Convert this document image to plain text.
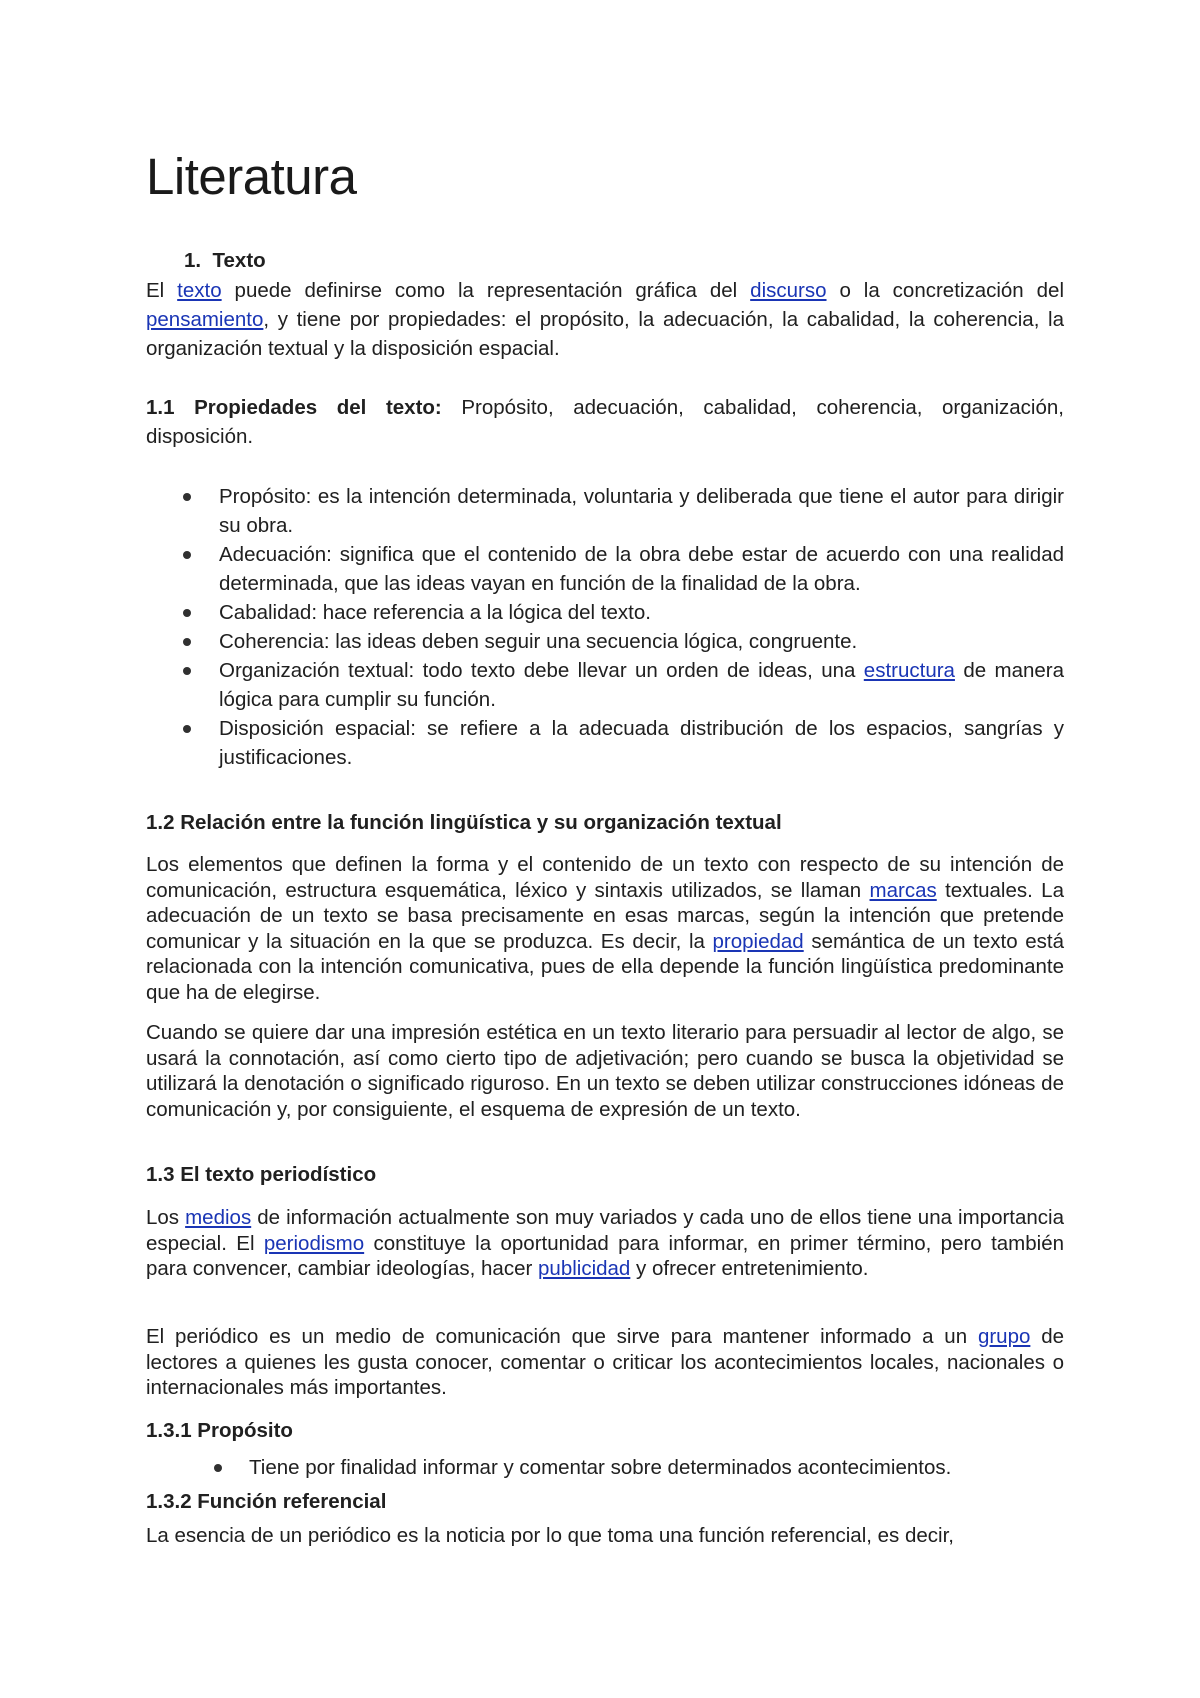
Literatura
1. Texto

El texto puede definirse como la representación gráfica del discurso o la concretización del pensamiento, y tiene por propiedades: el propósito, la adecuación, la cabalidad, la coherencia, la organización textual y la disposición espacial.

1.1 Propiedades del texto: Propósito, adecuación, cabalidad, coherencia, organización, disposición.

Propósito: es la intención determinada, voluntaria y deliberada que tiene el autor para dirigir su obra.
Adecuación: significa que el contenido de la obra debe estar de acuerdo con una realidad determinada, que las ideas vayan en función de la finalidad de la obra.
Cabalidad: hace referencia a la lógica del texto.
Coherencia: las ideas deben seguir una secuencia lógica, congruente.
Organización textual: todo texto debe llevar un orden de ideas, una estructura de manera lógica para cumplir su función.
Disposición espacial: se refiere a la adecuada distribución de los espacios, sangrías y justificaciones.
1.2 Relación entre la función lingüística y su organización textual

Los elementos que definen la forma y el contenido de un texto con respecto de su intención de comunicación, estructura esquemática, léxico y sintaxis utilizados, se llaman marcas textuales. La adecuación de un texto se basa precisamente en esas marcas, según la intención que pretende comunicar y la situación en la que se produzca. Es decir, la propiedad semántica de un texto está relacionada con la intención comunicativa, pues de ella depende la función lingüística predominante que ha de elegirse.

Cuando se quiere dar una impresión estética en un texto literario para persuadir al lector de algo, se usará la connotación, así como cierto tipo de adjetivación; pero cuando se busca la objetividad se utilizará la denotación o significado riguroso. En un texto se deben utilizar construcciones idóneas de comunicación y, por consiguiente, el esquema de expresión de un texto.

1.3 El texto periodístico

Los medios de información actualmente son muy variados y cada uno de ellos tiene una importancia especial. El periodismo constituye la oportunidad para informar, en primer término, pero también para convencer, cambiar ideologías, hacer publicidad y ofrecer entretenimiento.

El periódico es un medio de comunicación que sirve para mantener informado a un grupo de lectores a quienes les gusta conocer, comentar o criticar los acontecimientos locales, nacionales o internacionales más importantes.

1.3.1 Propósito
Tiene por finalidad informar y comentar sobre determinados acontecimientos.
1.3.2 Función referencial

La esencia de un periódico es la noticia por lo que toma una función referencial, es decir,
